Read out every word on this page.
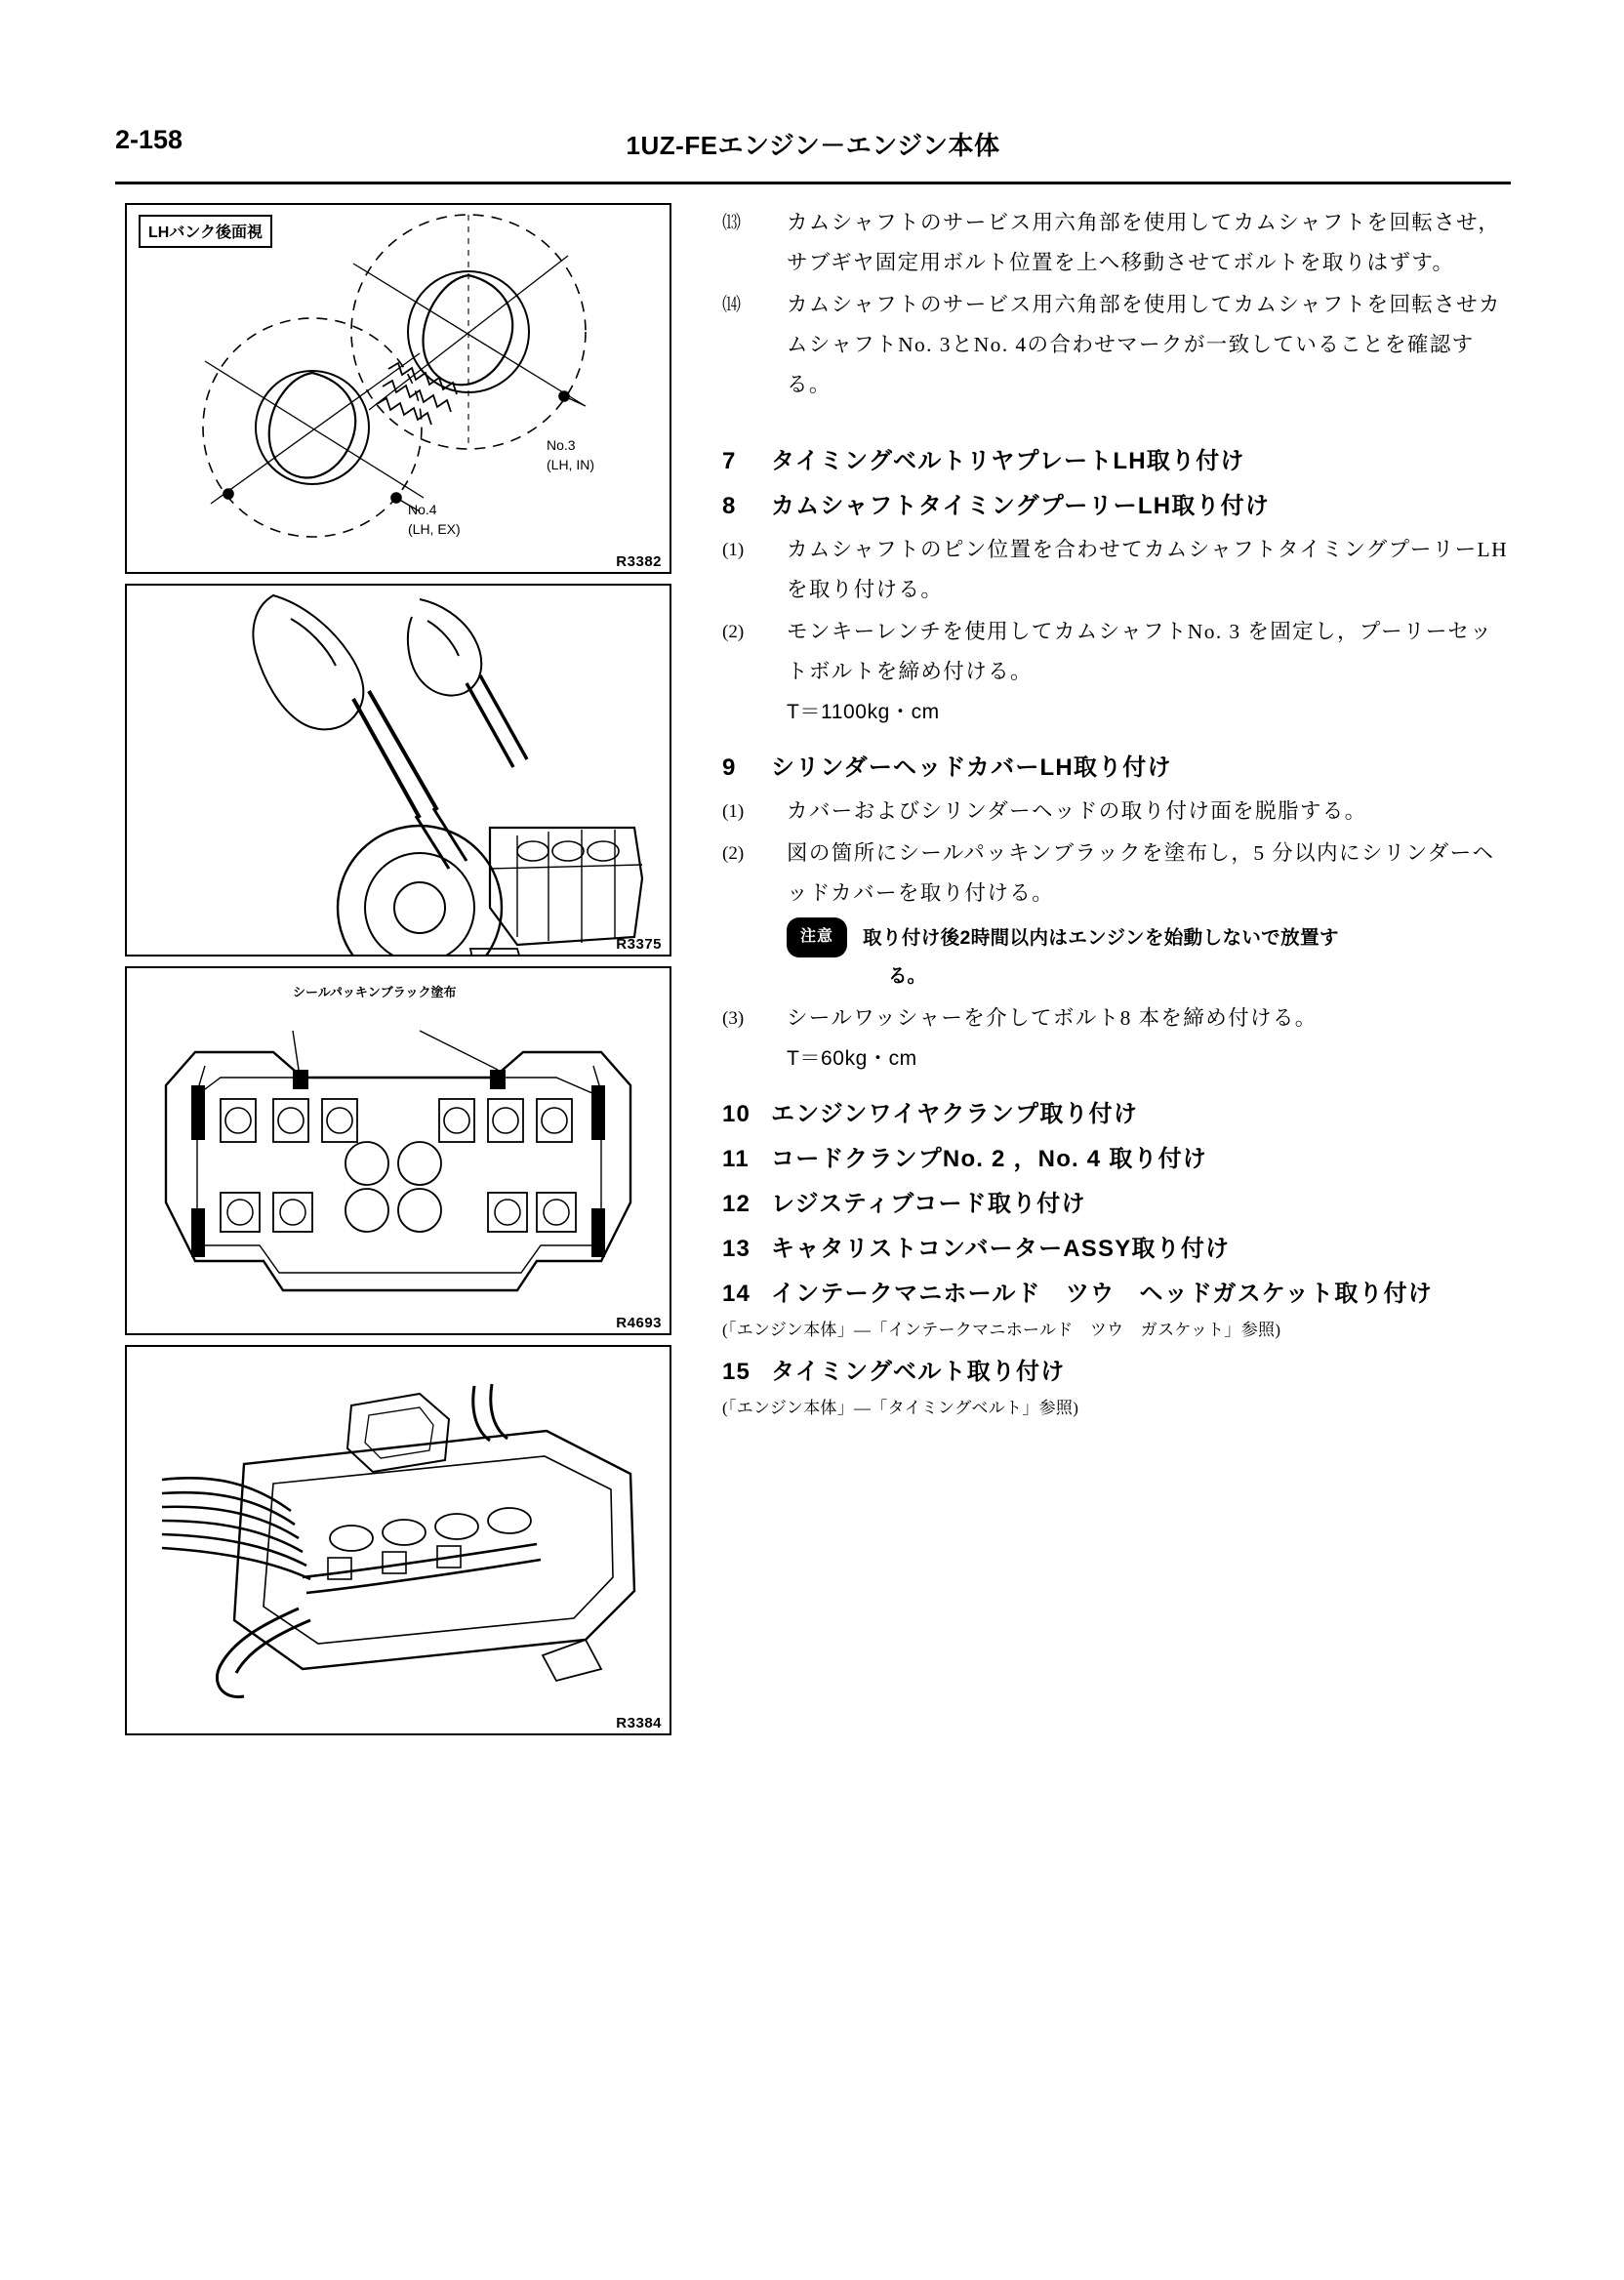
2-158	1UZ-FEエンジン－エンジン本体
LHバンク後面視
No.3
(LH, IN)
No.4
(LH, EX)
R3382
R3375
シールパッキンブラック塗布
R4693
R3384
⒀ カムシャフトのサービス用六角部を使用してカムシャフトを回転させ，サブギヤ固定用ボルト位置を上へ移動させてボルトを取りはずす。
⒁ カムシャフトのサービス用六角部を使用してカムシャフトを回転させカムシャフトNo. 3とNo. 4の合わせマークが一致していることを確認する。
7 タイミングベルトリヤプレートLH取り付け
8 カムシャフトタイミングプーリーLH取り付け
(1) カムシャフトのピン位置を合わせてカムシャフトタイミングプーリーLHを取り付ける。
(2) モンキーレンチを使用してカムシャフトNo. 3 を固定し，プーリーセットボルトを締め付ける。
T＝1100kg・cm
9 シリンダーヘッドカバーLH取り付け
(1) カバーおよびシリンダーヘッドの取り付け面を脱脂する。
(2) 図の箇所にシールパッキンブラックを塗布し，5 分以内にシリンダーヘッドカバーを取り付ける。
注意 取り付け後2時間以内はエンジンを始動しないで放置す
る。
(3) シールワッシャーを介してボルト8 本を締め付ける。
T＝60kg・cm
10 エンジンワイヤクランプ取り付け
11 コードクランプNo. 2 ，No. 4 取り付け
12 レジスティブコード取り付け
13 キャタリストコンバーターASSY取り付け
14 インテークマニホールド　ツウ　ヘッドガスケット取り付け
(「エンジン本体」—「インテークマニホールド　ツウ　ガスケット」参照)
15 タイミングベルト取り付け
(「エンジン本体」—「タイミングベルト」参照)
